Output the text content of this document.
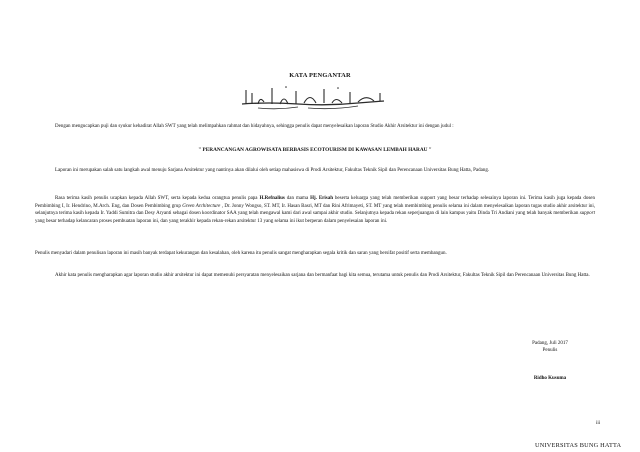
KATA PENGANTAR
Dengan mengucapkan puji dan syukur kehadirat Allah SWT yang telah melimpahkan rahmat dan hidayahnya, sehingga penulis dapat menyelesaikan laporan Studio Akhir Arsitektur ini dengan judul :
" PERANCANGAN AGROWISATA BERBASIS ECOTOURISM DI KAWASAN LEMBAH HARAU "
Laporan ini merupakan salah satu langkah awal menuju Sarjana Arsitektur yang nantinya akan dilalui oleh setiap mahasiswa di Prodi Arsitektur, Fakultas Teknik Sipil dan Perencanaan Universitas Bung Hatta, Padang.
Rasa terima kasih penulis ucapkan kepada Allah SWT, serta kepada kedua orangtua penulis papa H.Refnalius dan mama Hj. Erisah beserta keluarga yang telah memberikan support yang besar terhadap selesainya laporan ini. Terima kasih juga kepada dosen Pembimbing I, Ir. Hendrino, M.Arch. Eng, dan Dosen Pembimbing grup Green Architecture , Dr. Jonny Wongso, ST. MT, Ir. Hasan Basri, MT dan Rini Afrimayeti, ST. MT yang telah membimbing penulis selama ini dalam menyelesaikan laporan tugas studio akhir arsitektur ini, selanjutnya terima kasih kepada Ir. Yaddi Sumitra dan Desy Aryanti sebagai dosen koordinator SAA yang telah mengawal kami dari awal sampai akhir studio. Selanjutnya kepada rekan seperjuangan di lain kampus yaitu Dinda Tri Andiani yang telah banyak memberikan support yang besar terhadap kelancaran proses pembuatan laporan ini, dan yang terakhir kepada rekan-rekan arsitektur 13 yang selama ini ikut berperan dalam penyelesaian laporan ini.
Penulis menyadari dalam penulisan laporan ini masih banyak terdapat kekurangan dan kesalahan, oleh karena itu penulis sangat mengharapkan segala kritik dan saran yang bersifat positif serta membangun.
Akhir kata penulis mengharapkan agar laporan studio akhir arsitektur ini dapat memenuhi persyaratan menyelesaikan sarjana dan bermanfaat bagi kita semua, terutama untuk penulis dan Prodi Arsitektur, Fakultas Teknik Sipil dan Perencanaan Universitas Bung Hatta.
Padang, Juli 2017
Penulis
Ridho Kusuma
iii
UNIVERSITAS BUNG HATTA
